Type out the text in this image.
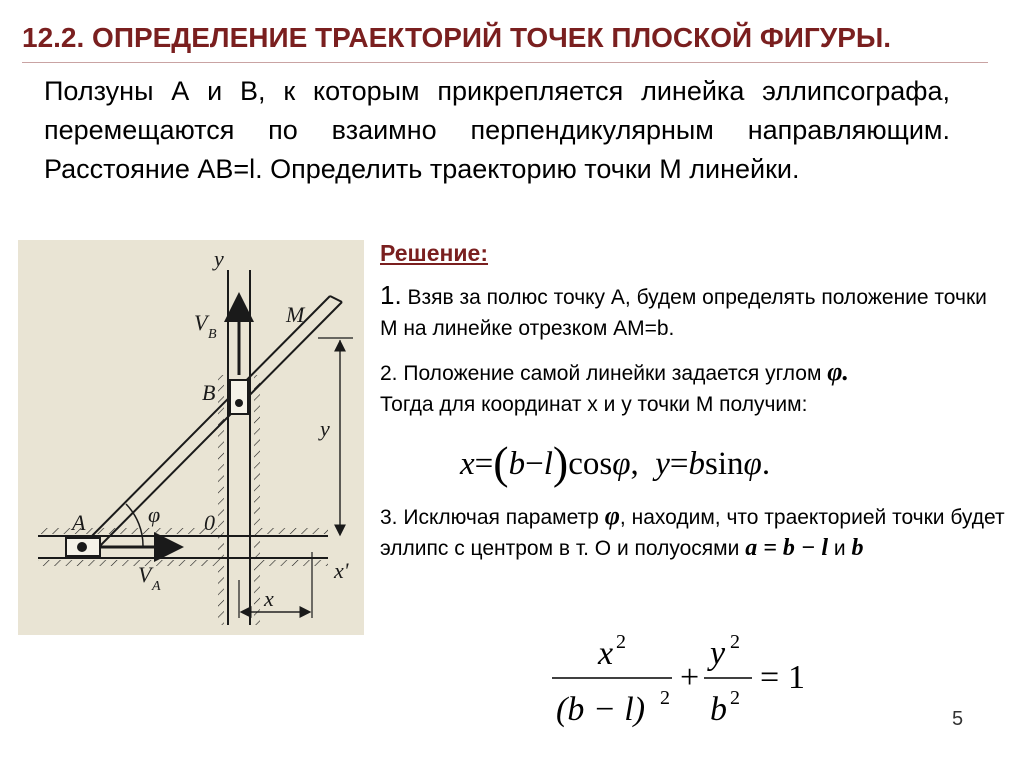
12.2. ОПРЕДЕЛЕНИЕ ТРАЕКТОРИЙ ТОЧЕК ПЛОСКОЙ ФИГУРЫ.
Ползуны А и В, к которым прикрепляется линейка эллипсографа, перемещаются по взаимно перпендикулярным направляющим. Расстояние АВ=l. Определить траекторию точки М линейки.
y
V B
M
B
y
A	φ 0
x'
V A	x
Решение:
1. Взяв за полюс точку А, будем определять положение точки М на линейке отрезком АМ=b.
2. Положение самой линейки задается углом φ.
Тогда для координат x и y точки М получим:
x=(b−l)cosφ, y=bsinφ.
3. Исключая параметр φ, находим, что траекторией точки будет эллипс с центром в т. О и полуосями a = b − l и b
x 2
(b − l) 2
+
y 2
b 2
= 1
5
